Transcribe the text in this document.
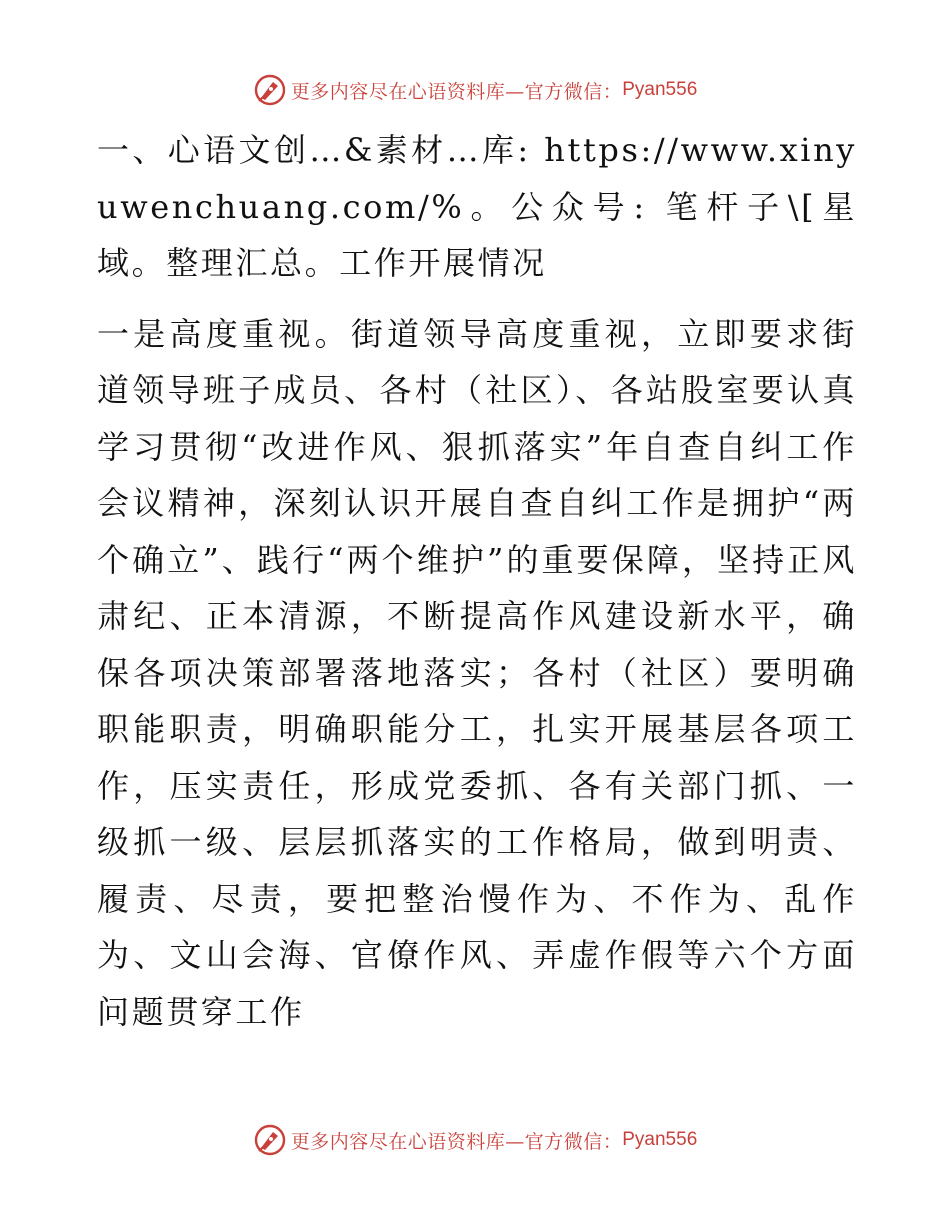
更多内容尽在心语资料库—官方微信： Pyan556

一、心语文创…&素材…库: https://www.xinyuwenchuang.com/%。公众号: 笔杆子\[星域。整理汇总。工作开展情况

一是高度重视。街道领导高度重视，立即要求街道领导班子成员、各村（社区）、各站股室要认真学习贯彻“改进作风、狠抓落实”年自查自纠工作会议精神，深刻认识开展自查自纠工作是拥护“两个确立”、践行“两个维护”的重要保障，坚持正风肃纪、正本清源，不断提高作风建设新水平，确保各项决策部署落地落实；各村（社区）要明确职能职责，明确职能分工，扎实开展基层各项工作，压实责任，形成党委抓、各有关部门抓、一级抓一级、层层抓落实的工作格局，做到明责、履责、尽责，要把整治慢作为、不作为、乱作为、文山会海、官僚作风、弄虚作假等六个方面问题贯穿工作

更多内容尽在心语资料库—官方微信： Pyan556
